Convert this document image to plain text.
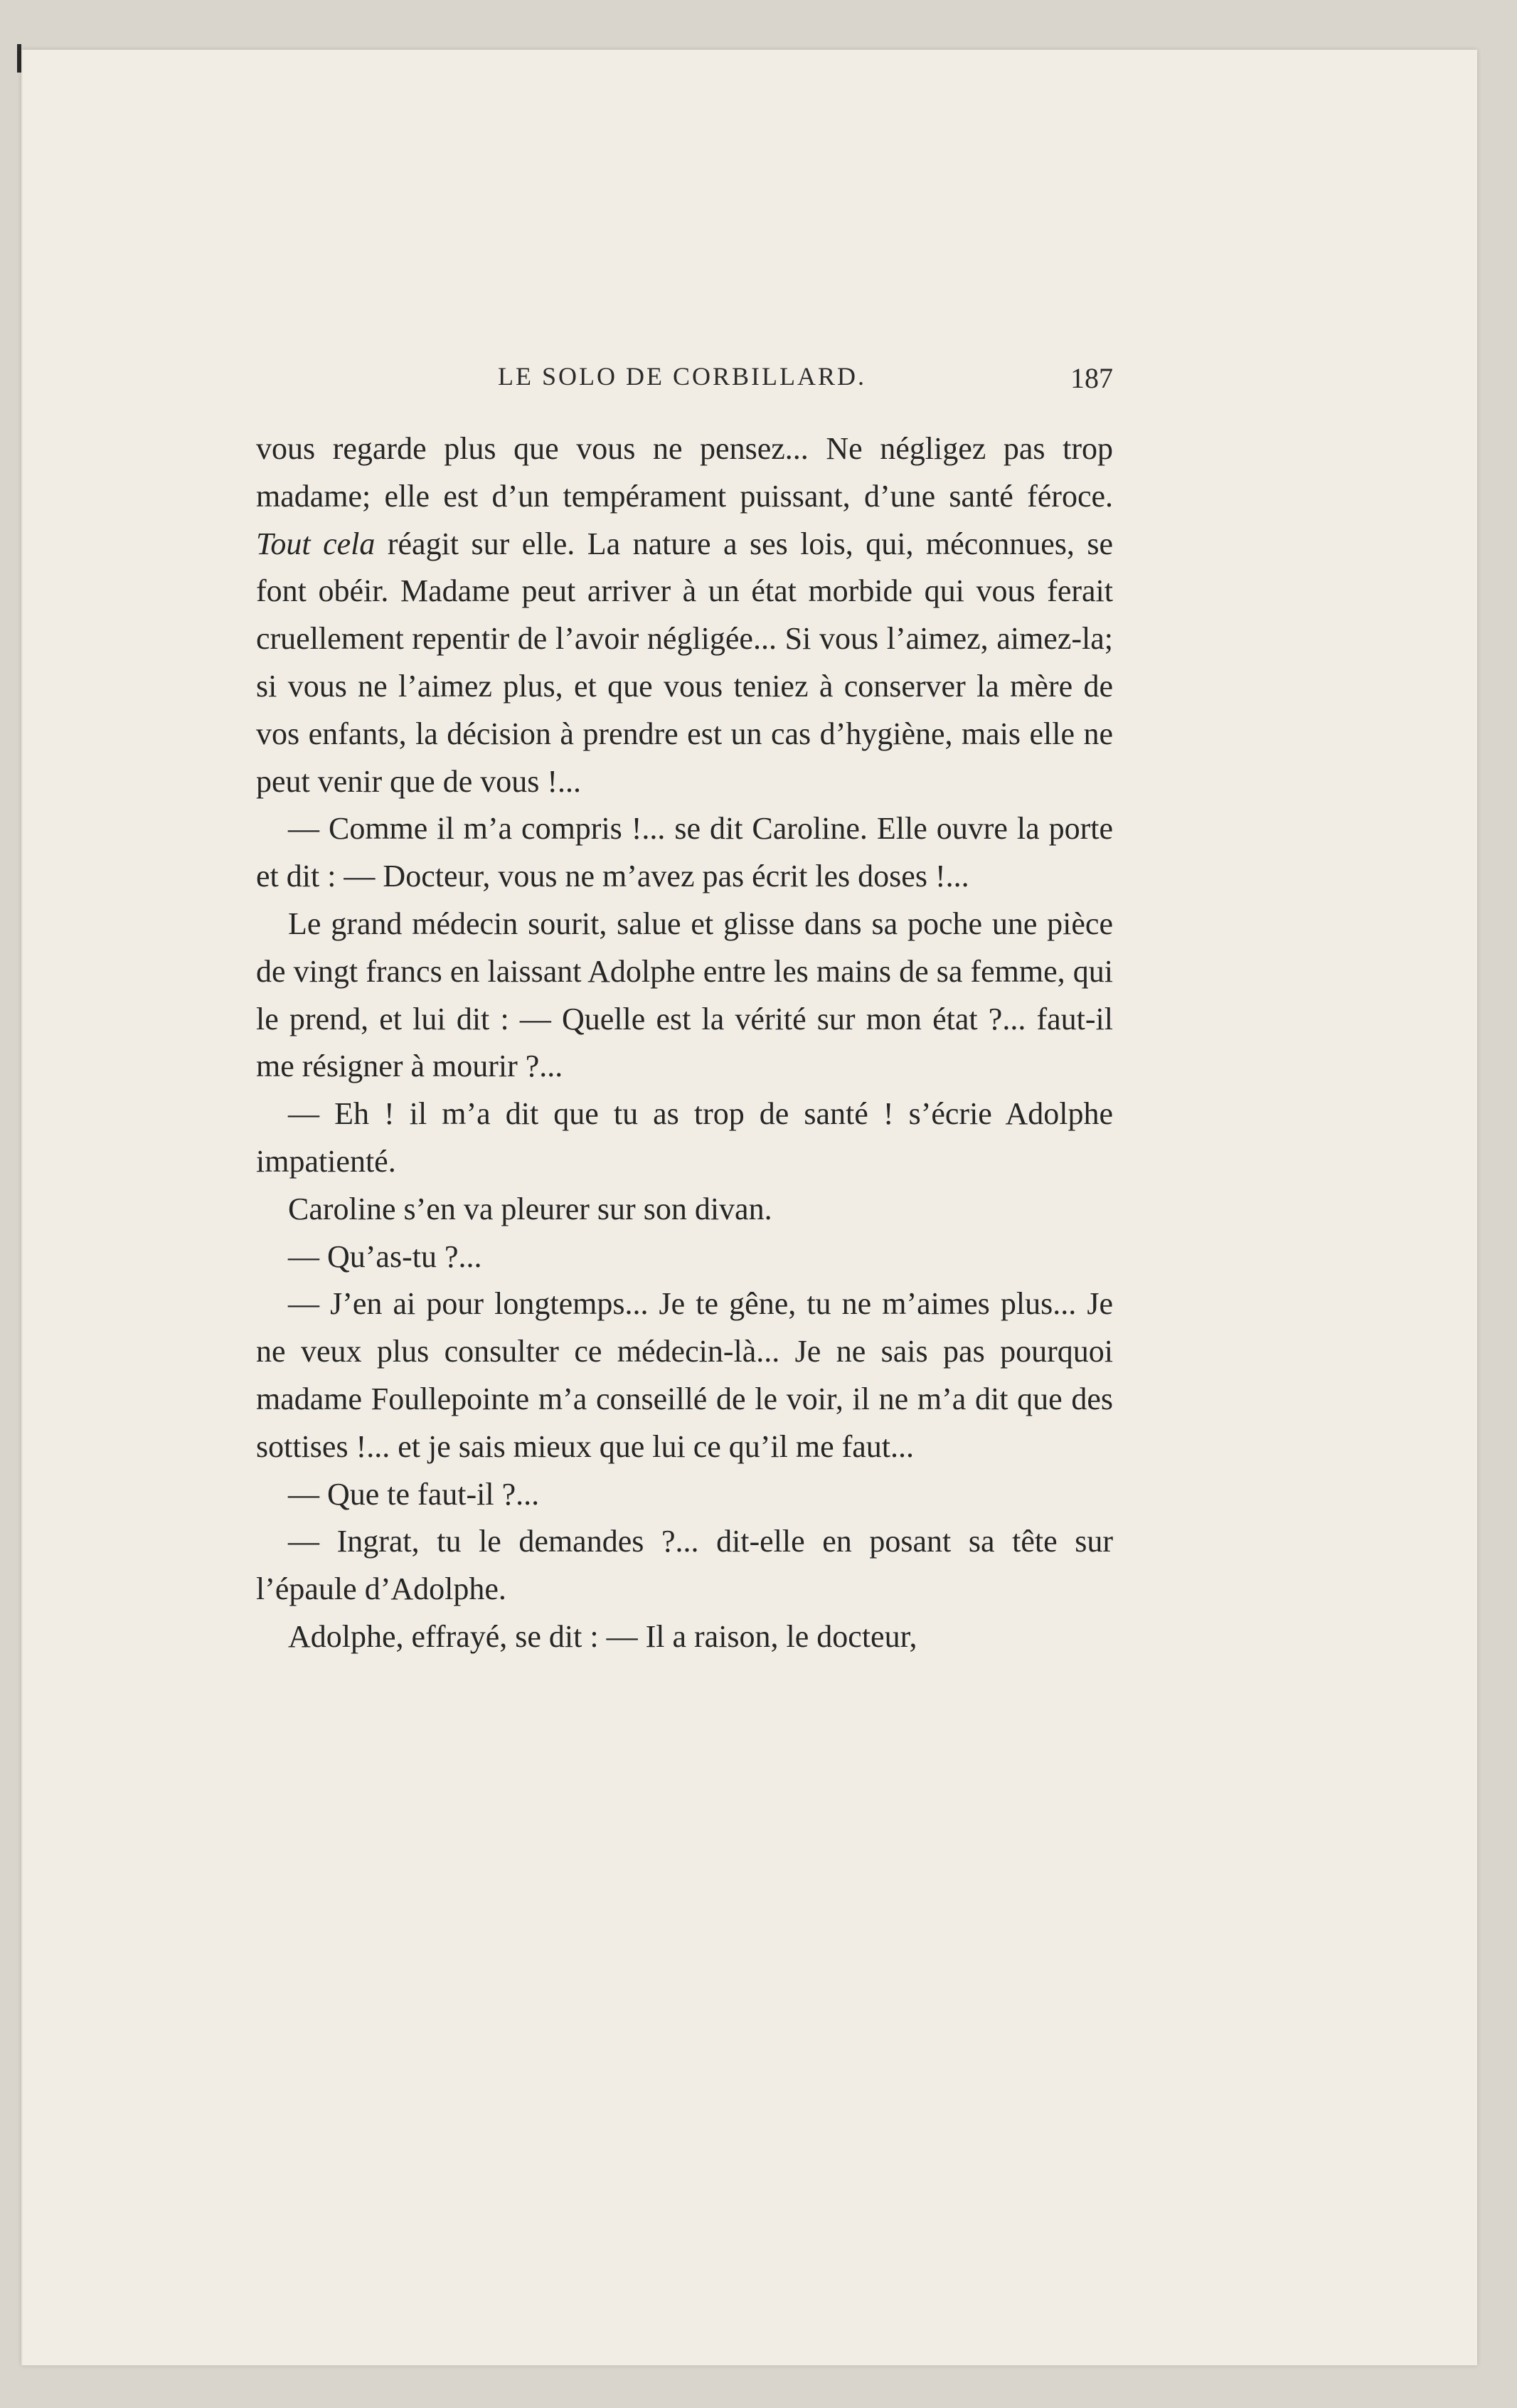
LE SOLO DE CORBILLARD.	187

vous regarde plus que vous ne pensez... Ne négligez pas trop madame; elle est d’un tempérament puissant, d’une santé féroce. Tout cela réagit sur elle. La nature a ses lois, qui, méconnues, se font obéir. Madame peut arriver à un état morbide qui vous ferait cruellement repentir de l’avoir négligée... Si vous l’aimez, aimez-la; si vous ne l’aimez plus, et que vous teniez à conserver la mère de vos enfants, la décision à prendre est un cas d’hygiène, mais elle ne peut venir que de vous !...

— Comme il m’a compris !... se dit Caroline. Elle ouvre la porte et dit : — Docteur, vous ne m’avez pas écrit les doses !...

Le grand médecin sourit, salue et glisse dans sa poche une pièce de vingt francs en laissant Adolphe entre les mains de sa femme, qui le prend, et lui dit : — Quelle est la vérité sur mon état ?... faut-il me résigner à mourir ?...

— Eh ! il m’a dit que tu as trop de santé ! s’écrie Adolphe impatienté.

Caroline s’en va pleurer sur son divan.

— Qu’as-tu ?...

— J’en ai pour longtemps... Je te gêne, tu ne m’aimes plus... Je ne veux plus consulter ce médecin-là... Je ne sais pas pourquoi madame Foullepointe m’a conseillé de le voir, il ne m’a dit que des sottises !... et je sais mieux que lui ce qu’il me faut...

— Que te faut-il ?...

— Ingrat, tu le demandes ?... dit-elle en posant sa tête sur l’épaule d’Adolphe.

Adolphe, effrayé, se dit : — Il a raison, le docteur,
